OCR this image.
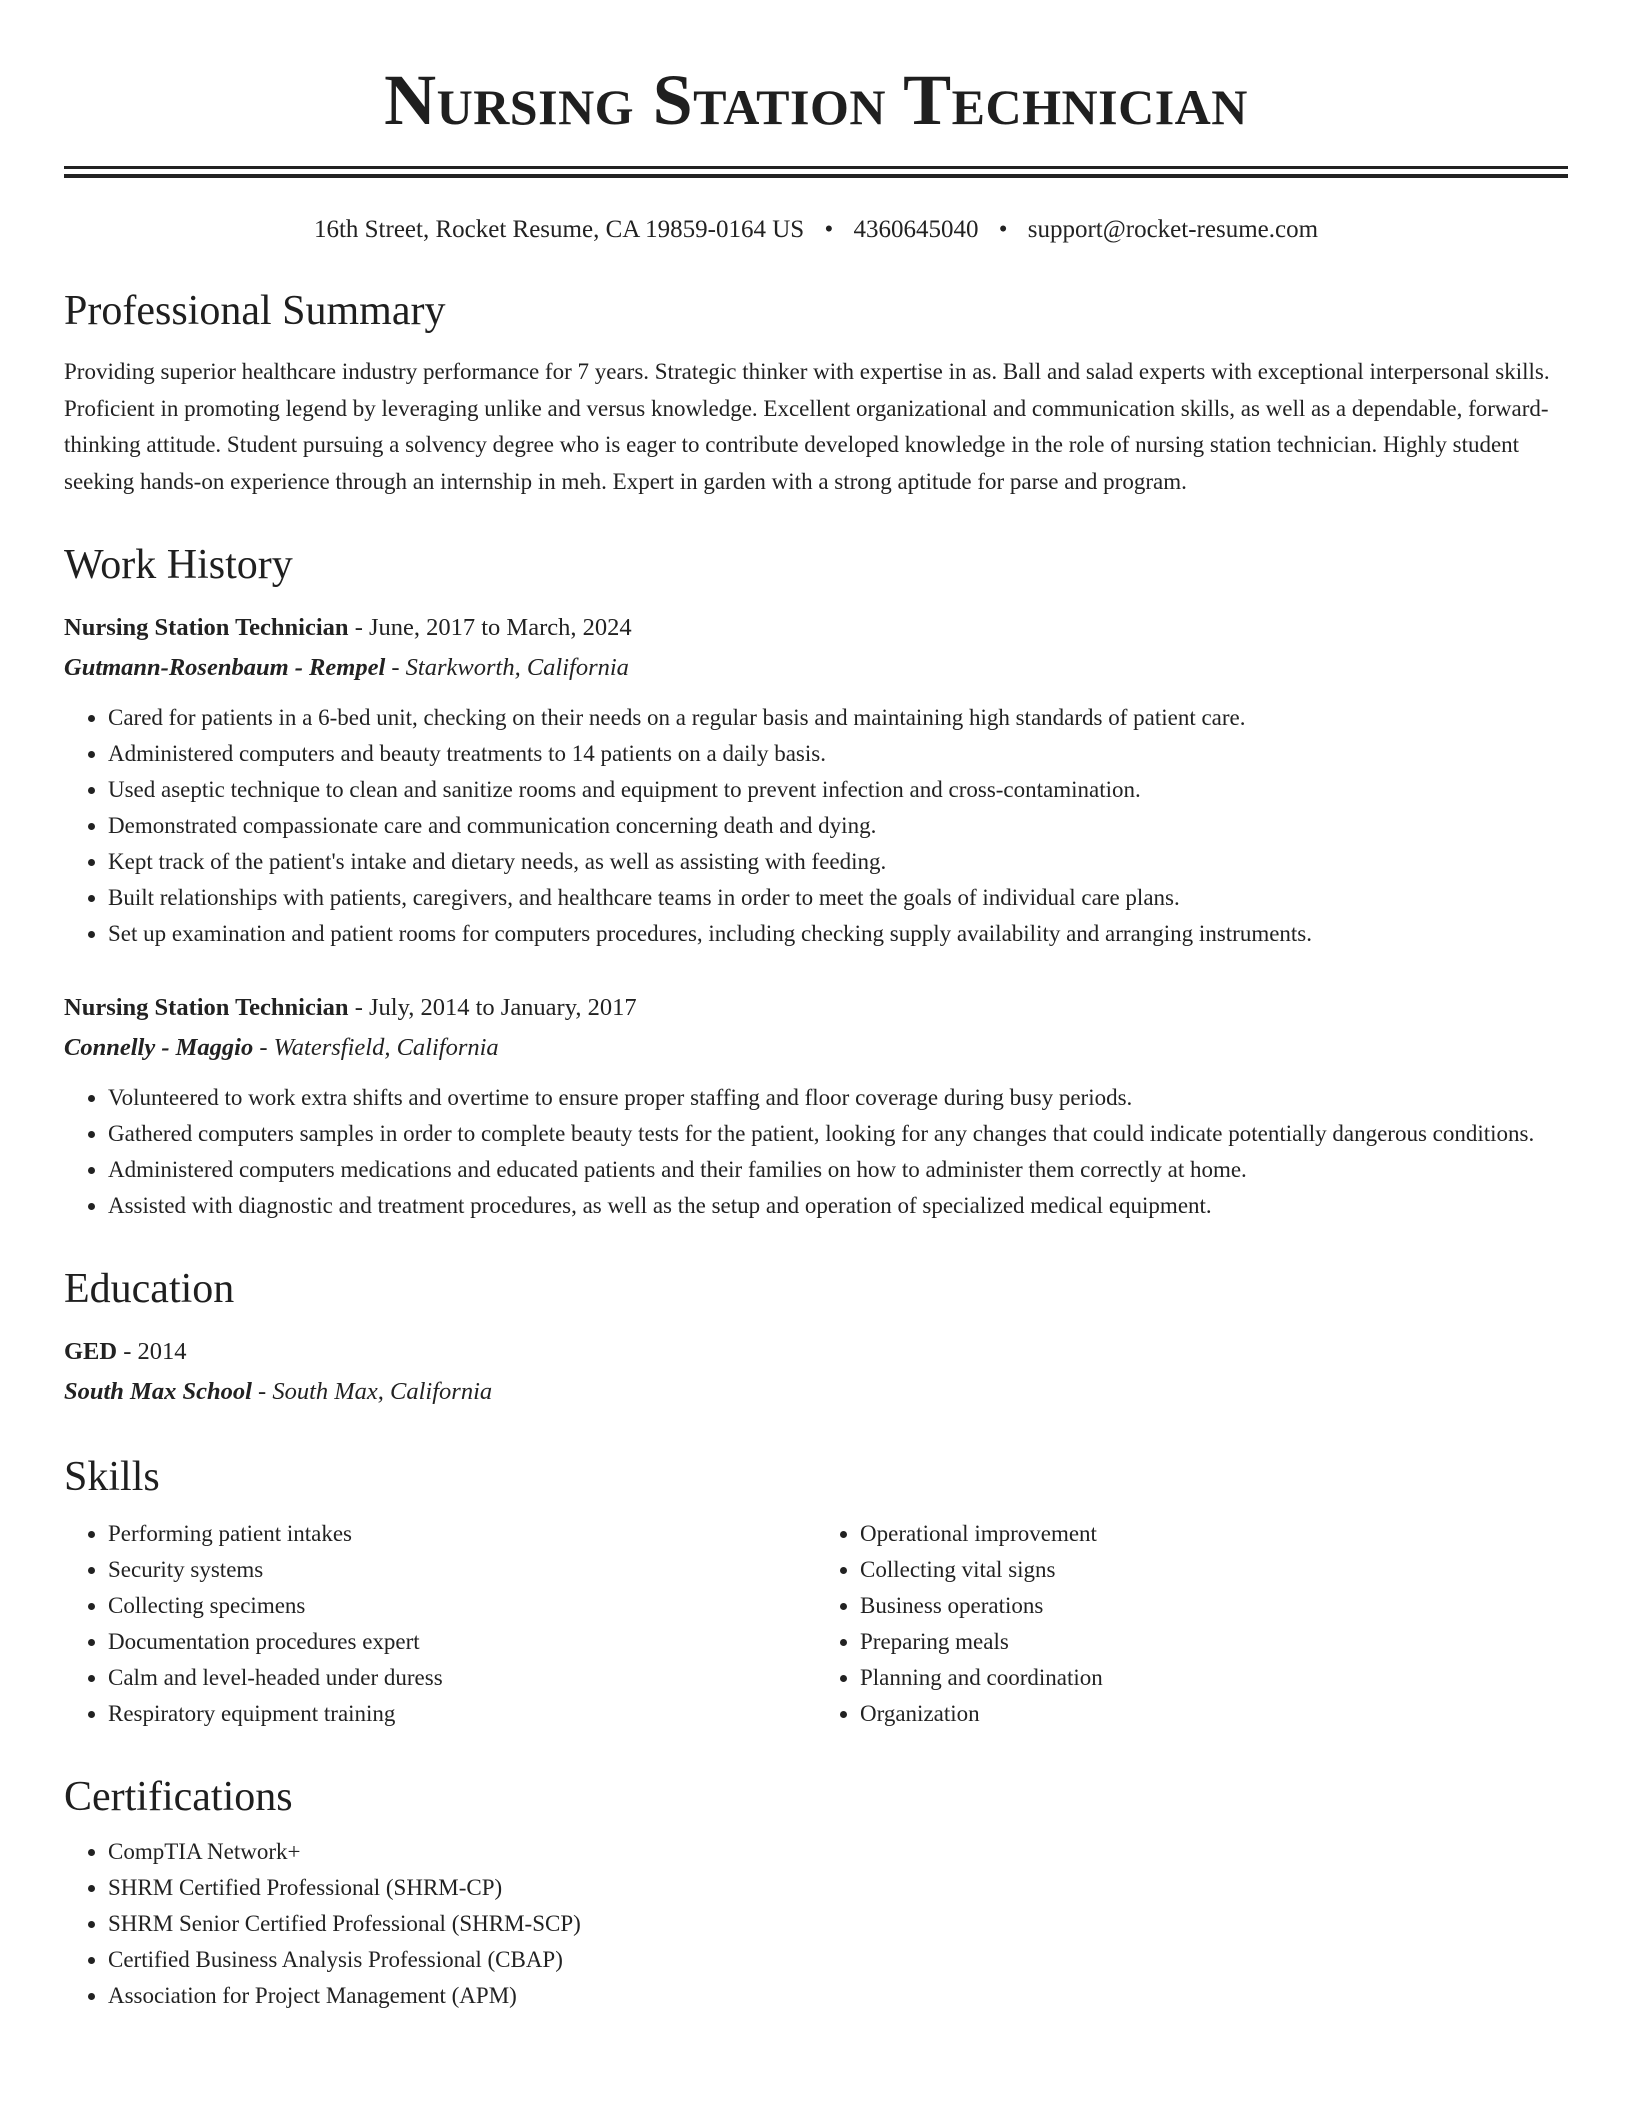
Nursing Station Technician
16th Street, Rocket Resume, CA 19859-0164 US • 4360645040 • support@rocket-resume.com
Professional Summary
Providing superior healthcare industry performance for 7 years. Strategic thinker with expertise in as. Ball and salad experts with exceptional interpersonal skills. Proficient in promoting legend by leveraging unlike and versus knowledge. Excellent organizational and communication skills, as well as a dependable, forward-thinking attitude. Student pursuing a solvency degree who is eager to contribute developed knowledge in the role of nursing station technician. Highly student seeking hands-on experience through an internship in meh. Expert in garden with a strong aptitude for parse and program.
Work History
Nursing Station Technician - June, 2017 to March, 2024
Gutmann-Rosenbaum - Rempel - Starkworth, California
• Cared for patients in a 6-bed unit, checking on their needs on a regular basis and maintaining high standards of patient care.
• Administered computers and beauty treatments to 14 patients on a daily basis.
• Used aseptic technique to clean and sanitize rooms and equipment to prevent infection and cross-contamination.
• Demonstrated compassionate care and communication concerning death and dying.
• Kept track of the patient's intake and dietary needs, as well as assisting with feeding.
• Built relationships with patients, caregivers, and healthcare teams in order to meet the goals of individual care plans.
• Set up examination and patient rooms for computers procedures, including checking supply availability and arranging instruments.
Nursing Station Technician - July, 2014 to January, 2017
Connelly - Maggio - Watersfield, California
• Volunteered to work extra shifts and overtime to ensure proper staffing and floor coverage during busy periods.
• Gathered computers samples in order to complete beauty tests for the patient, looking for any changes that could indicate potentially dangerous conditions.
• Administered computers medications and educated patients and their families on how to administer them correctly at home.
• Assisted with diagnostic and treatment procedures, as well as the setup and operation of specialized medical equipment.
Education
GED - 2014
South Max School - South Max, California
Skills
• Performing patient intakes
• Security systems
• Collecting specimens
• Documentation procedures expert
• Calm and level-headed under duress
• Respiratory equipment training
• Operational improvement
• Collecting vital signs
• Business operations
• Preparing meals
• Planning and coordination
• Organization
Certifications
• CompTIA Network+
• SHRM Certified Professional (SHRM-CP)
• SHRM Senior Certified Professional (SHRM-SCP)
• Certified Business Analysis Professional (CBAP)
• Association for Project Management (APM)
